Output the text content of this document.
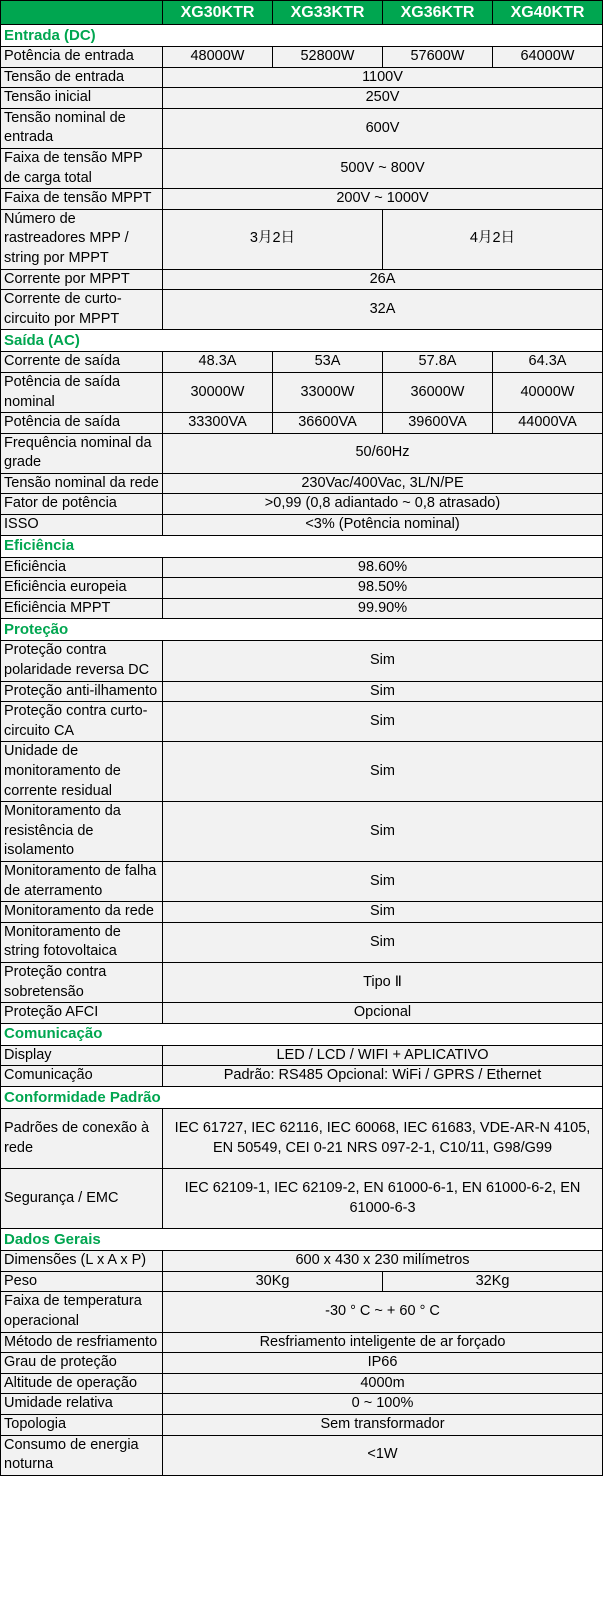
	XG30KTR	XG33KTR	XG36KTR	XG40KTR
Entrada (DC)				
Potência de entrada	48000W	52800W	57600W	64000W
Tensão de entrada	1100V			
Tensão inicial	250V			
Tensão nominal de entrada	600V			
Faixa de tensão MPP de carga total	500V ~ 800V			
Faixa de tensão MPPT	200V ~ 1000V			
Número de rastreadores MPP / string por MPPT	3月2日		4月2日	
Corrente por MPPT	26A			
Corrente de curto-circuito por MPPT	32A			
Saída (AC)				
Corrente de saída	48.3A	53A	57.8A	64.3A
Potência de saída nominal	30000W	33000W	36000W	40000W
Potência de saída	33300VA	36600VA	39600VA	44000VA
Frequência nominal da grade	50/60Hz			
Tensão nominal da rede	230Vac/400Vac, 3L/N/PE			
Fator de potência	>0,99 (0,8 adiantado ~ 0,8 atrasado)			
ISSO	<3% (Potência nominal)			
Eficiência				
Eficiência	98.60%			
Eficiência europeia	98.50%			
Eficiência MPPT	99.90%			
Proteção				
Proteção contra polaridade reversa DC	Sim			
Proteção anti-ilhamento	Sim			
Proteção contra curto-circuito CA	Sim			
Unidade de monitoramento de corrente residual	Sim			
Monitoramento da resistência de isolamento	Sim			
Monitoramento de falha de aterramento	Sim			
Monitoramento da rede	Sim			
Monitoramento de string fotovoltaica	Sim			
Proteção contra sobretensão	Tipo Ⅱ			
Proteção AFCI	Opcional			
Comunicação				
Display	LED / LCD / WIFI + APLICATIVO			
Comunicação	Padrão: RS485 Opcional: WiFi / GPRS / Ethernet			
Conformidade Padrão				
Padrões de conexão à rede	IEC 61727, IEC 62116, IEC 60068, IEC 61683, VDE-AR-N 4105, EN 50549, CEI 0-21 NRS 097-2-1, C10/11, G98/G99			
Segurança / EMC	IEC 62109-1, IEC 62109-2, EN 61000-6-1, EN 61000-6-2, EN 61000-6-3			
Dados Gerais				
Dimensões (L x A x P)	600 x 430 x 230 milímetros			
Peso	30Kg		32Kg	
Faixa de temperatura operacional	-30 ° C ~ + 60 ° C			
Método de resfriamento	Resfriamento inteligente de ar forçado			
Grau de proteção	IP66			
Altitude de operação	4000m			
Umidade relativa	0 ~ 100%			
Topologia	Sem transformador			
Consumo de energia noturna	<1W			
